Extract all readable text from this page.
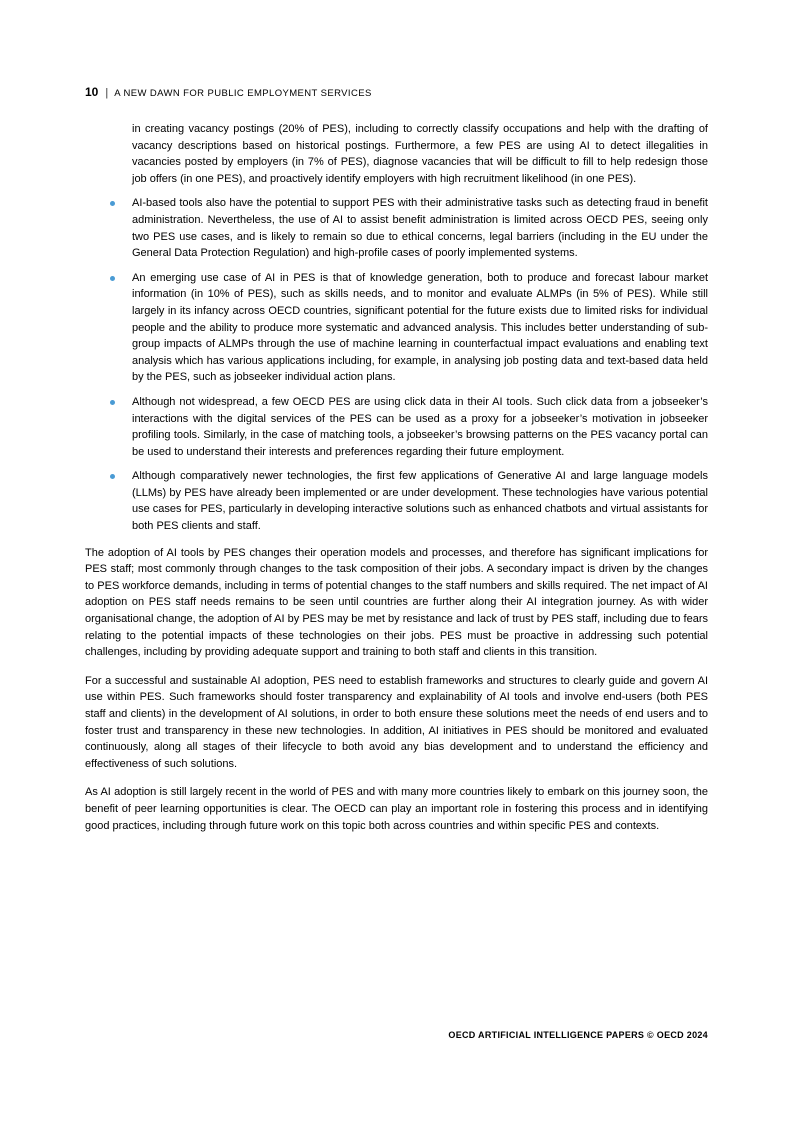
10 | A NEW DAWN FOR PUBLIC EMPLOYMENT SERVICES

in creating vacancy postings (20% of PES), including to correctly classify occupations and help with the drafting of vacancy descriptions based on historical postings. Furthermore, a few PES are using AI to detect illegalities in vacancies posted by employers (in 7% of PES), diagnose vacancies that will be difficult to fill to help redesign those job offers (in one PES), and proactively identify employers with high recruitment likelihood (in one PES).

AI-based tools also have the potential to support PES with their administrative tasks such as detecting fraud in benefit administration. Nevertheless, the use of AI to assist benefit administration is limited across OECD PES, seeing only two PES use cases, and is likely to remain so due to ethical concerns, legal barriers (including in the EU under the General Data Protection Regulation) and high-profile cases of poorly implemented systems.
An emerging use case of AI in PES is that of knowledge generation, both to produce and forecast labour market information (in 10% of PES), such as skills needs, and to monitor and evaluate ALMPs (in 5% of PES). While still largely in its infancy across OECD countries, significant potential for the future exists due to limited risks for individual people and the ability to produce more systematic and advanced analysis. This includes better understanding of sub-group impacts of ALMPs through the use of machine learning in counterfactual impact evaluations and enabling text analysis which has various applications including, for example, in analysing job posting data and text-based data held by the PES, such as jobseeker individual action plans.
Although not widespread, a few OECD PES are using click data in their AI tools. Such click data from a jobseeker’s interactions with the digital services of the PES can be used as a proxy for a jobseeker’s motivation in jobseeker profiling tools. Similarly, in the case of matching tools, a jobseeker’s browsing patterns on the PES vacancy portal can be used to understand their interests and preferences regarding their future employment.
Although comparatively newer technologies, the first few applications of Generative AI and large language models (LLMs) by PES have already been implemented or are under development. These technologies have various potential use cases for PES, particularly in developing interactive solutions such as enhanced chatbots and virtual assistants for both PES clients and staff.

The adoption of AI tools by PES changes their operation models and processes, and therefore has significant implications for PES staff; most commonly through changes to the task composition of their jobs. A secondary impact is driven by the changes to PES workforce demands, including in terms of potential changes to the staff numbers and skills required. The net impact of AI adoption on PES staff needs remains to be seen until countries are further along their AI integration journey. As with wider organisational change, the adoption of AI by PES may be met by resistance and lack of trust by PES staff, including due to fears relating to the potential impacts of these technologies on their jobs. PES must be proactive in addressing such potential challenges, including by providing adequate support and training to both staff and clients in this transition.

For a successful and sustainable AI adoption, PES need to establish frameworks and structures to clearly guide and govern AI use within PES. Such frameworks should foster transparency and explainability of AI tools and involve end-users (both PES staff and clients) in the development of AI solutions, in order to both ensure these solutions meet the needs of end users and to foster trust and transparency in these new technologies. In addition, AI initiatives in PES should be monitored and evaluated continuously, along all stages of their lifecycle to both avoid any bias development and to understand the efficiency and effectiveness of such solutions.

As AI adoption is still largely recent in the world of PES and with many more countries likely to embark on this journey soon, the benefit of peer learning opportunities is clear. The OECD can play an important role in fostering this process and in identifying good practices, including through future work on this topic both across countries and within specific PES and contexts.

OECD ARTIFICIAL INTELLIGENCE PAPERS © OECD 2024
